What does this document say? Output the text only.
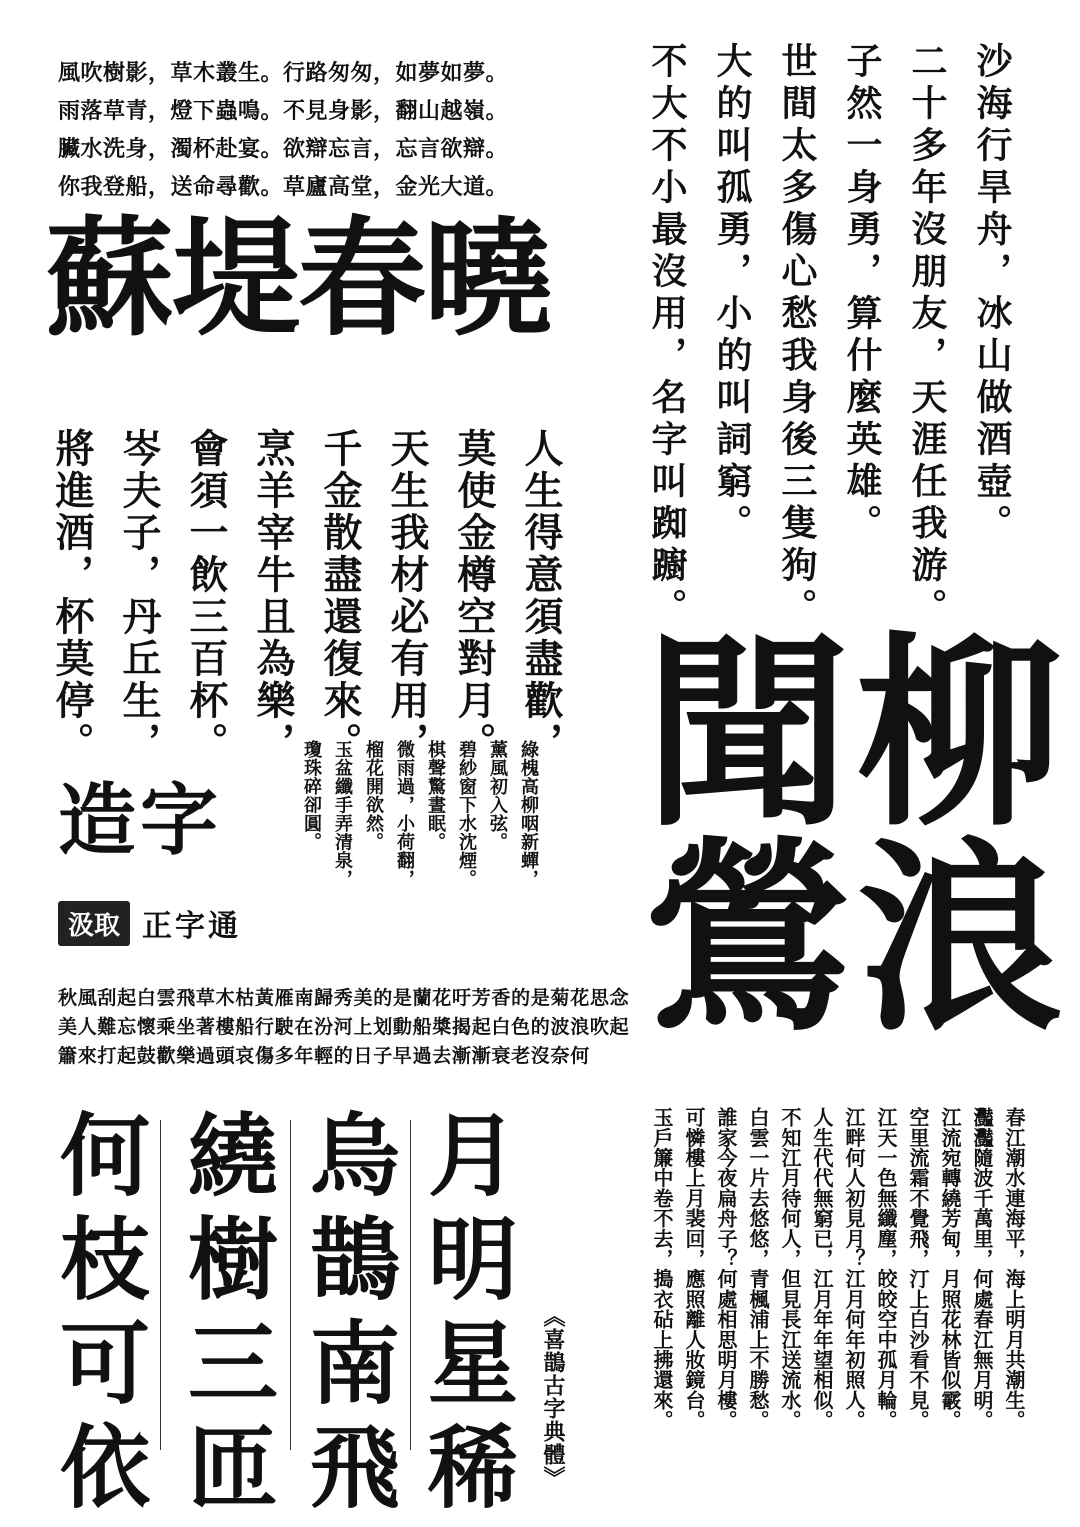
風吹樹影，草木叢生。行路匆匆，如夢如夢。
雨落草青，燈下蟲鳴。不見身影，翻山越嶺。
臟水洗身，濁杯赴宴。欲辯忘言，忘言欲辯。
你我登船，送命尋歡。草廬高堂，金光大道。
蘇堤春曉	沙海行旱舟，冰山做酒壺。
二十多年沒朋友，天涯任我游。
子然一身勇，算什麼英雄。
世間太多傷心愁我身後三隻狗。
大的叫孤勇，小的叫詞窮。
不大不小最沒用，名字叫踟躕。
人生得意須盡歡，
莫使金樽空對月。
天生我材必有用，
千金散盡還復來。
烹羊宰牛且為樂，
會須一飲三百杯。
岑夫子，丹丘生，
將進酒，杯莫停。
造字
汲取 正字通
綠槐高柳咽新蟬，
薰風初入弦。
碧紗窗下水沈煙。
棋聲驚晝眠。
微雨過，小荷翻，
榴花開欲然。
玉盆纖手弄清泉，
瓊珠碎卻圓。
秋風刮起白雲飛草木枯黃雁南歸秀美的是蘭花吁芳香的是菊花思念
美人難忘懷乘坐著樓船行駛在汾河上划動船槳揭起白色的波浪吹起
簫來打起鼓歡樂過頭哀傷多年輕的日子早過去漸漸衰老沒奈何
柳浪
聞鶯
月明星稀
烏鵲南飛
繞樹三匝
何枝可依	《喜鵲古字典體》	春江潮水連海平，海上明月共潮生。
灩灩隨波千萬里，何處春江無月明。
江流宛轉繞芳甸，月照花林皆似霰。
空里流霜不覺飛，汀上白沙看不見。
江天一色無纖塵，皎皎空中孤月輪。
江畔何人初見月？江月何年初照人。
人生代代無窮已，江月年年望相似。
不知江月待何人，但見長江送流水。
白雲一片去悠悠，青楓浦上不勝愁。
誰家今夜扁舟子？何處相思明月樓。
可憐樓上月裴回，應照離人妝鏡台。
玉戶簾中卷不去，搗衣砧上拂還來。
